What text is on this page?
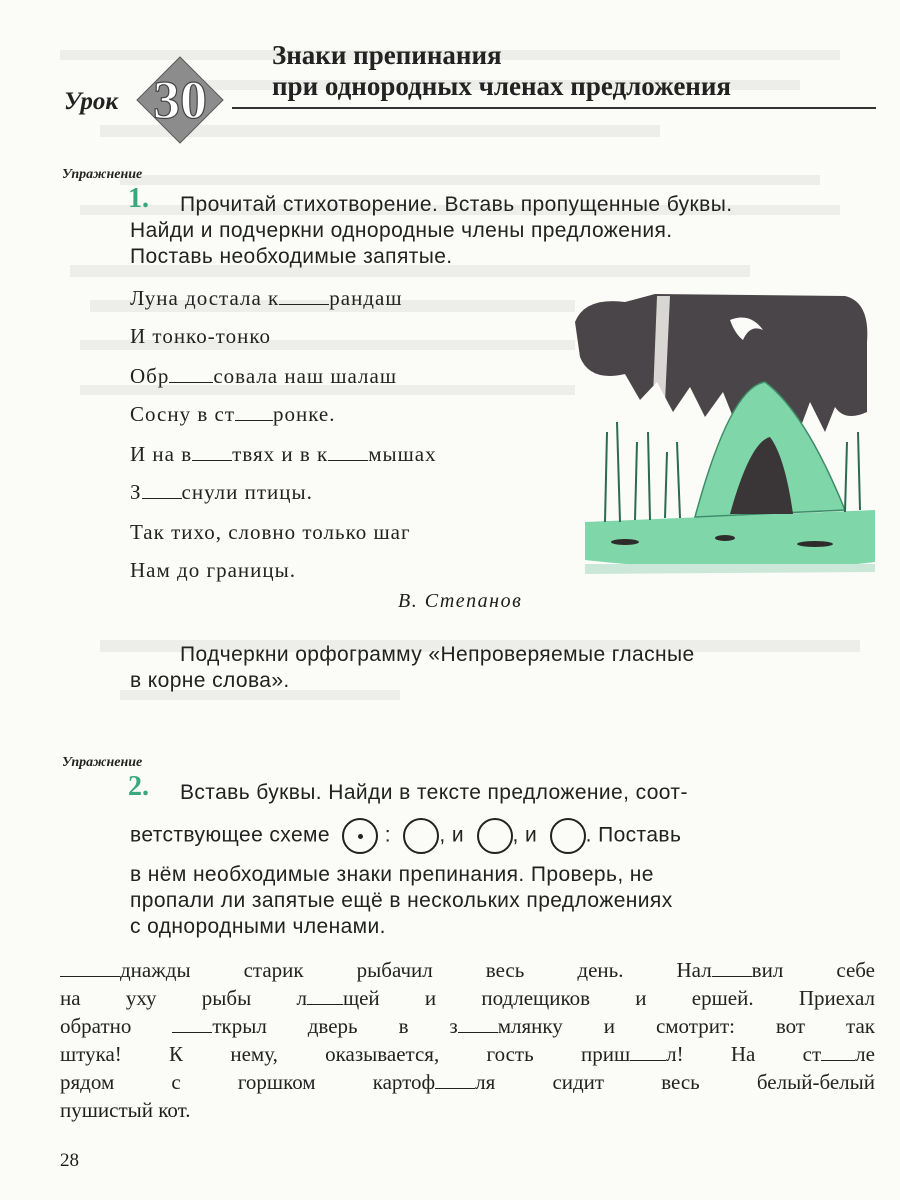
Знаки препинания
при однородных членах предложения
Урок 30
Упражнение
1. Прочитай стихотворение. Вставь пропущенные буквы.
Найди и подчеркни однородные члены предложения.
Поставь необходимые запятые.
Луна достала к рандаш
И тонко-тонко
Обр совала наш шалаш
Сосну в ст ронке.
И на в твях и в к мышах
З снули птицы.
Так тихо, словно только шаг
Нам до границы.
В. Степанов
Подчеркни орфограмму «Непроверяемые гласные
в корне слова».
Упражнение
2. Вставь буквы. Найди в тексте предложение, соот-
ветствующее схеме	: , и , и . Поставь
в нём необходимые знаки препинания. Проверь, не
пропали ли запятые ещё в нескольких предложениях
с однородными членами.
днажды старик рыбачил весь день. Нал вил себе
на уху рыбы л щей и подлещиков и ершей. Приехал
обратно ткрыл дверь в з млянку и смотрит: вот так
штука! К нему, оказывается, гость приш л! На ст ле
рядом с горшком картоф ля сидит весь белый-белый
пушистый кот.
28
